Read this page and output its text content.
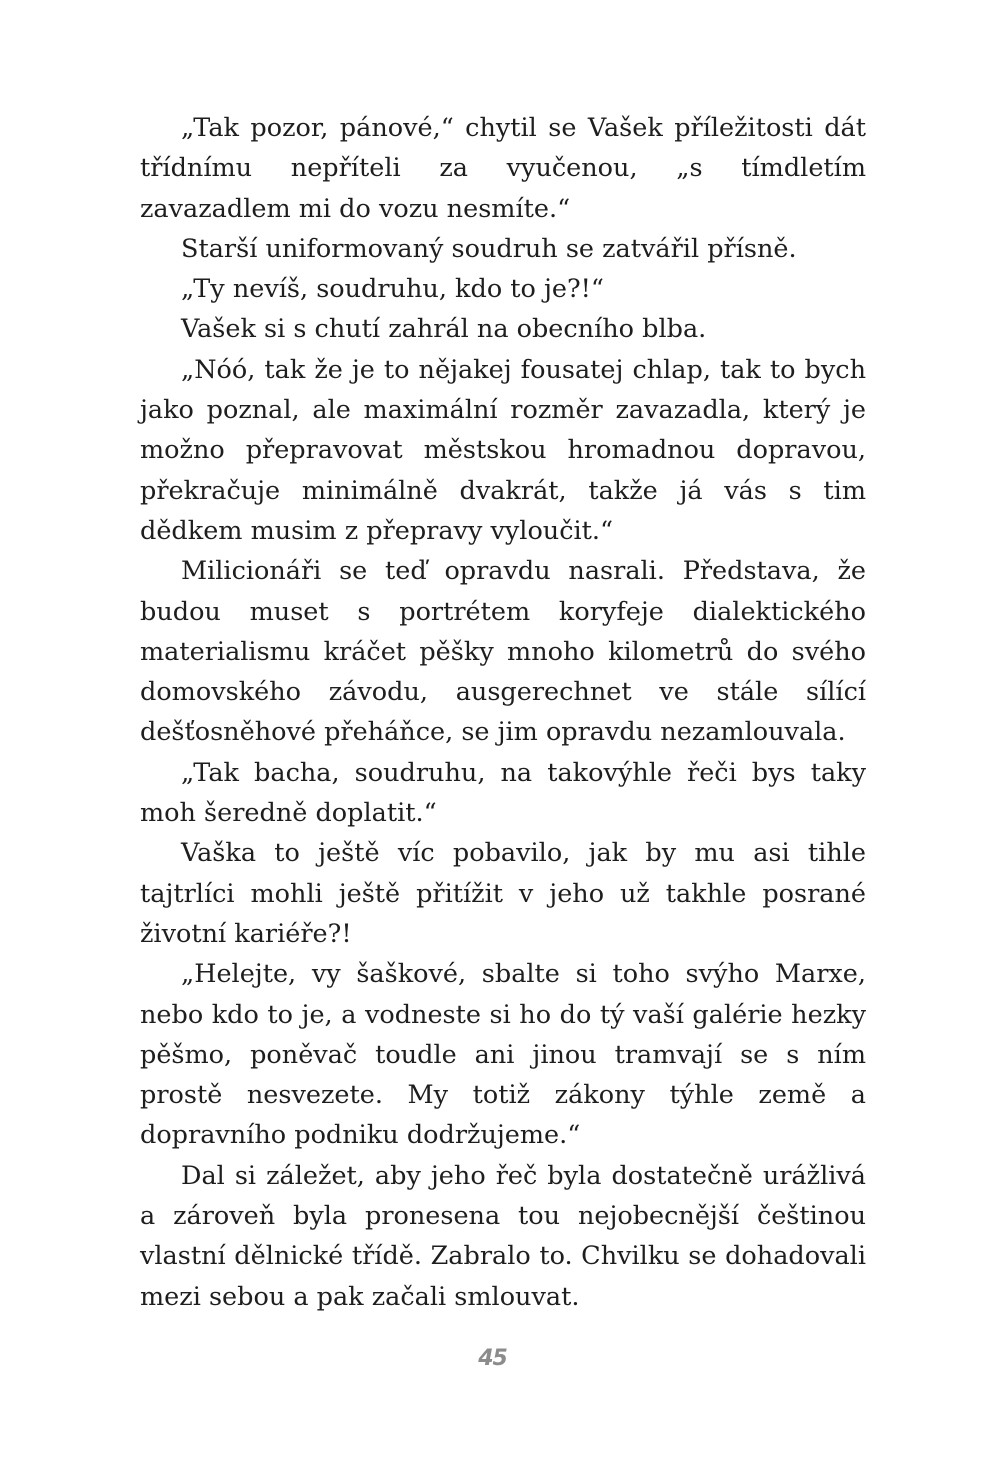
„Tak pozor, pánové,“ chytil se Vašek příležitosti dát třídnímu nepříteli za vyučenou, „s tímdletím zavazadlem mi do vozu nesmíte.“

Starší uniformovaný soudruh se zatvářil přísně.

„Ty nevíš, soudruhu, kdo to je?!“

Vašek si s chutí zahrál na obecního blba.

„Nóó, tak že je to nějakej fousatej chlap, tak to bych jako poznal, ale maximální rozměr zavazadla, který je možno přepravovat městskou hromadnou dopravou, překračuje minimálně dvakrát, takže já vás s tim dědkem musim z přepravy vyloučit.“

Milicionáři se teď opravdu nasrali. Představa, že budou muset s portrétem koryfeje dialektického materialismu kráčet pěšky mnoho kilometrů do svého domovského závodu, ausgerechnet ve stále sílící dešťosněhové přeháňce, se jim opravdu nezamlouvala.

„Tak bacha, soudruhu, na takovýhle řeči bys taky moh šeredně doplatit.“

Vaška to ještě víc pobavilo, jak by mu asi tihle tajtrlíci mohli ještě přitížit v jeho už takhle posrané životní kariéře?!

„Helejte, vy šaškové, sbalte si toho svýho Marxe, nebo kdo to je, a vodneste si ho do tý vaší galérie hezky pěšmo, poněvač toudle ani jinou tramvají se s ním prostě nesvezete. My totiž zákony týhle země a dopravního podniku dodržujeme.“

Dal si záležet, aby jeho řeč byla dostatečně urážlivá a zároveň byla pronesena tou nejobecnější češtinou vlastní dělnické třídě. Zabralo to. Chvilku se dohadovali mezi sebou a pak začali smlouvat.

45
